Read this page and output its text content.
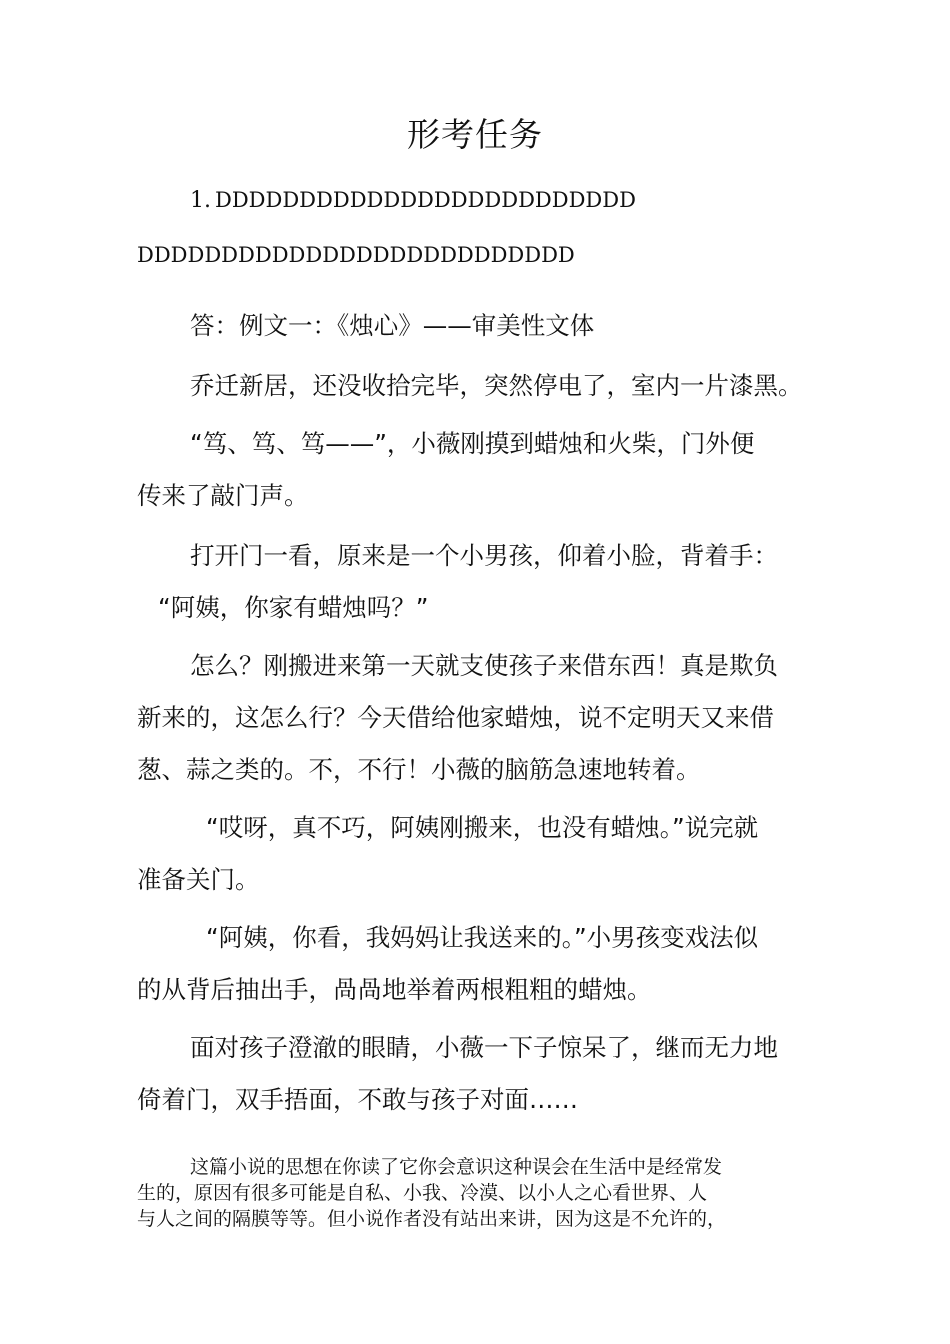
形考任务
1. DDDDDDDDDDDDDDDDDDDDDDDDD
DDDDDDDDDDDDDDDDDDDDDDDDDD
答：例文一：《烛心》——审美性文体
乔迁新居，还没收拾完毕，突然停电了，室内一片漆黑。
“笃、笃、笃——”，小薇刚摸到蜡烛和火柴，门外便
传来了敲门声。
打开门一看，原来是一个小男孩，仰着小脸，背着手：
“阿姨，你家有蜡烛吗？”
怎么？刚搬进来第一天就支使孩子来借东西！真是欺负
新来的，这怎么行？今天借给他家蜡烛，说不定明天又来借
葱、蒜之类的。不，不行！小薇的脑筋急速地转着。
“哎呀，真不巧，阿姨刚搬来，也没有蜡烛。”说完就
准备关门。
“阿姨，你看，我妈妈让我送来的。”小男孩变戏法似
的从背后抽出手，咼咼地举着两根粗粗的蜡烛。
面对孩子澄澈的眼睛，小薇一下子惊呆了，继而无力地
倚着门，双手捂面，不敢与孩子对面……
这篇小说的思想在你读了它你会意识这种误会在生活中是经常发
生的，原因有很多可能是自私、小我、冷漠、以小人之心看世界、人
与人之间的隔膜等等。但小说作者没有站出来讲，因为这是不允许的，
